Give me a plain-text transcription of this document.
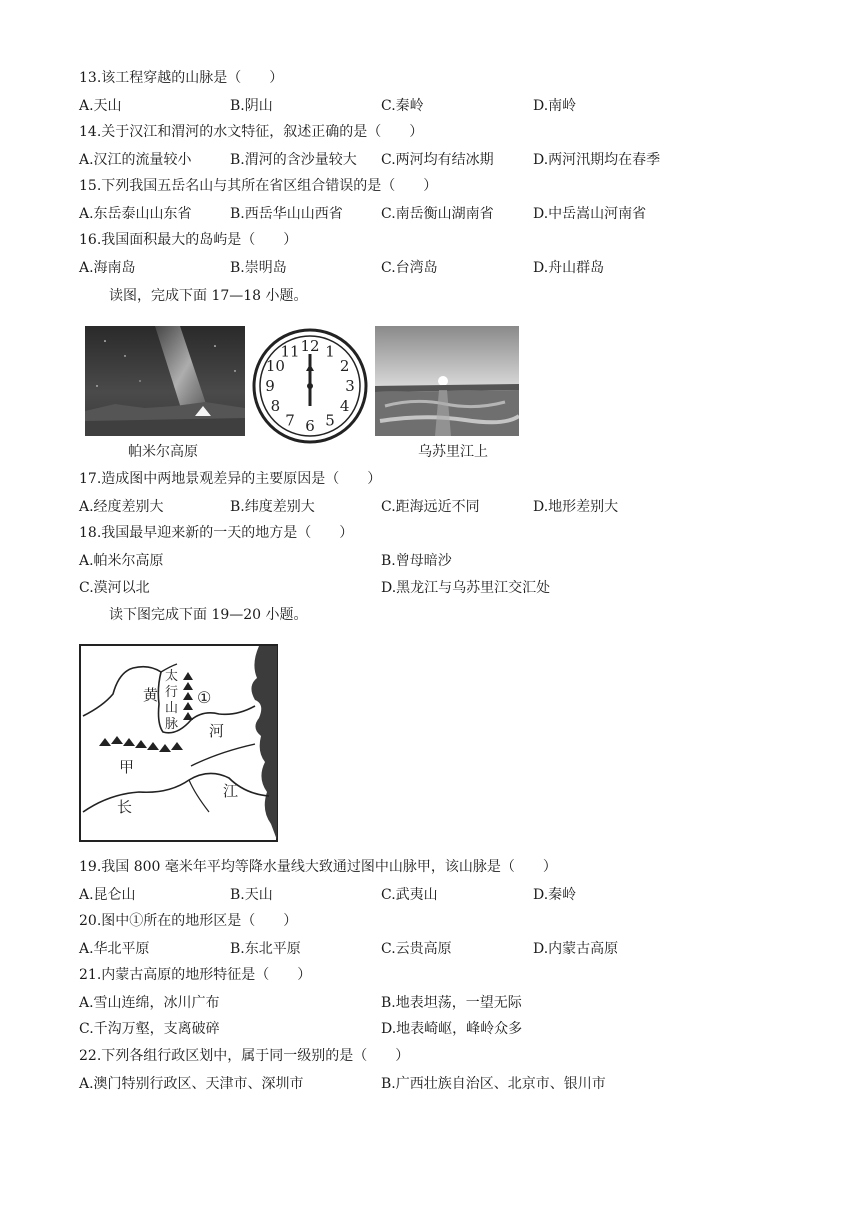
13.该工程穿越的山脉是（　　）
A.天山	B.阴山	C.秦岭	D.南岭
14.关于汉江和渭河的水文特征，叙述正确的是（　　）
A.汉江的流量较小	B.渭河的含沙量较大 C.两河均有结冰期	D.两河汛期均在春季
15.下列我国五岳名山与其所在省区组合错误的是（　　）
A.东岳泰山山东省	B.西岳华山山西省	C.南岳衡山湖南省	D.中岳嵩山河南省
16.我国面积最大的岛屿是（　　）
A.海南岛	B.崇明岛	C.台湾岛	D.舟山群岛
读图，完成下面 17—18 小题。
帕米尔高原
12 1
2
3
4
5
6
7
8
9
10
11
乌苏里江上
17.造成图中两地景观差异的主要原因是（　　）
A.经度差别大	B.纬度差别大	C.距海远近不同	D.地形差别大
18.我国最早迎来新的一天的地方是（　　）
A.帕米尔高原	B.曾母暗沙
C.漠河以北	D.黑龙江与乌苏里江交汇处
读下图完成下面 19—20 小题。
黄
太
行
山
脉
①
河
甲
江
长
19.我国 800 毫米年平均等降水量线大致通过图中山脉甲，该山脉是（　　）
A.昆仑山	B.天山	C.武夷山	D.秦岭
20.图中①所在的地形区是（　　）
A.华北平原	B.东北平原	C.云贵高原	D.内蒙古高原
21.内蒙古高原的地形特征是（　　）
A.雪山连绵，冰川广布	B.地表坦荡，一望无际
C.千沟万壑，支离破碎	D.地表崎岖，峰岭众多
22.下列各组行政区划中，属于同一级别的是（　　）
A.澳门特别行政区、天津市、深圳市	B.广西壮族自治区、北京市、银川市
